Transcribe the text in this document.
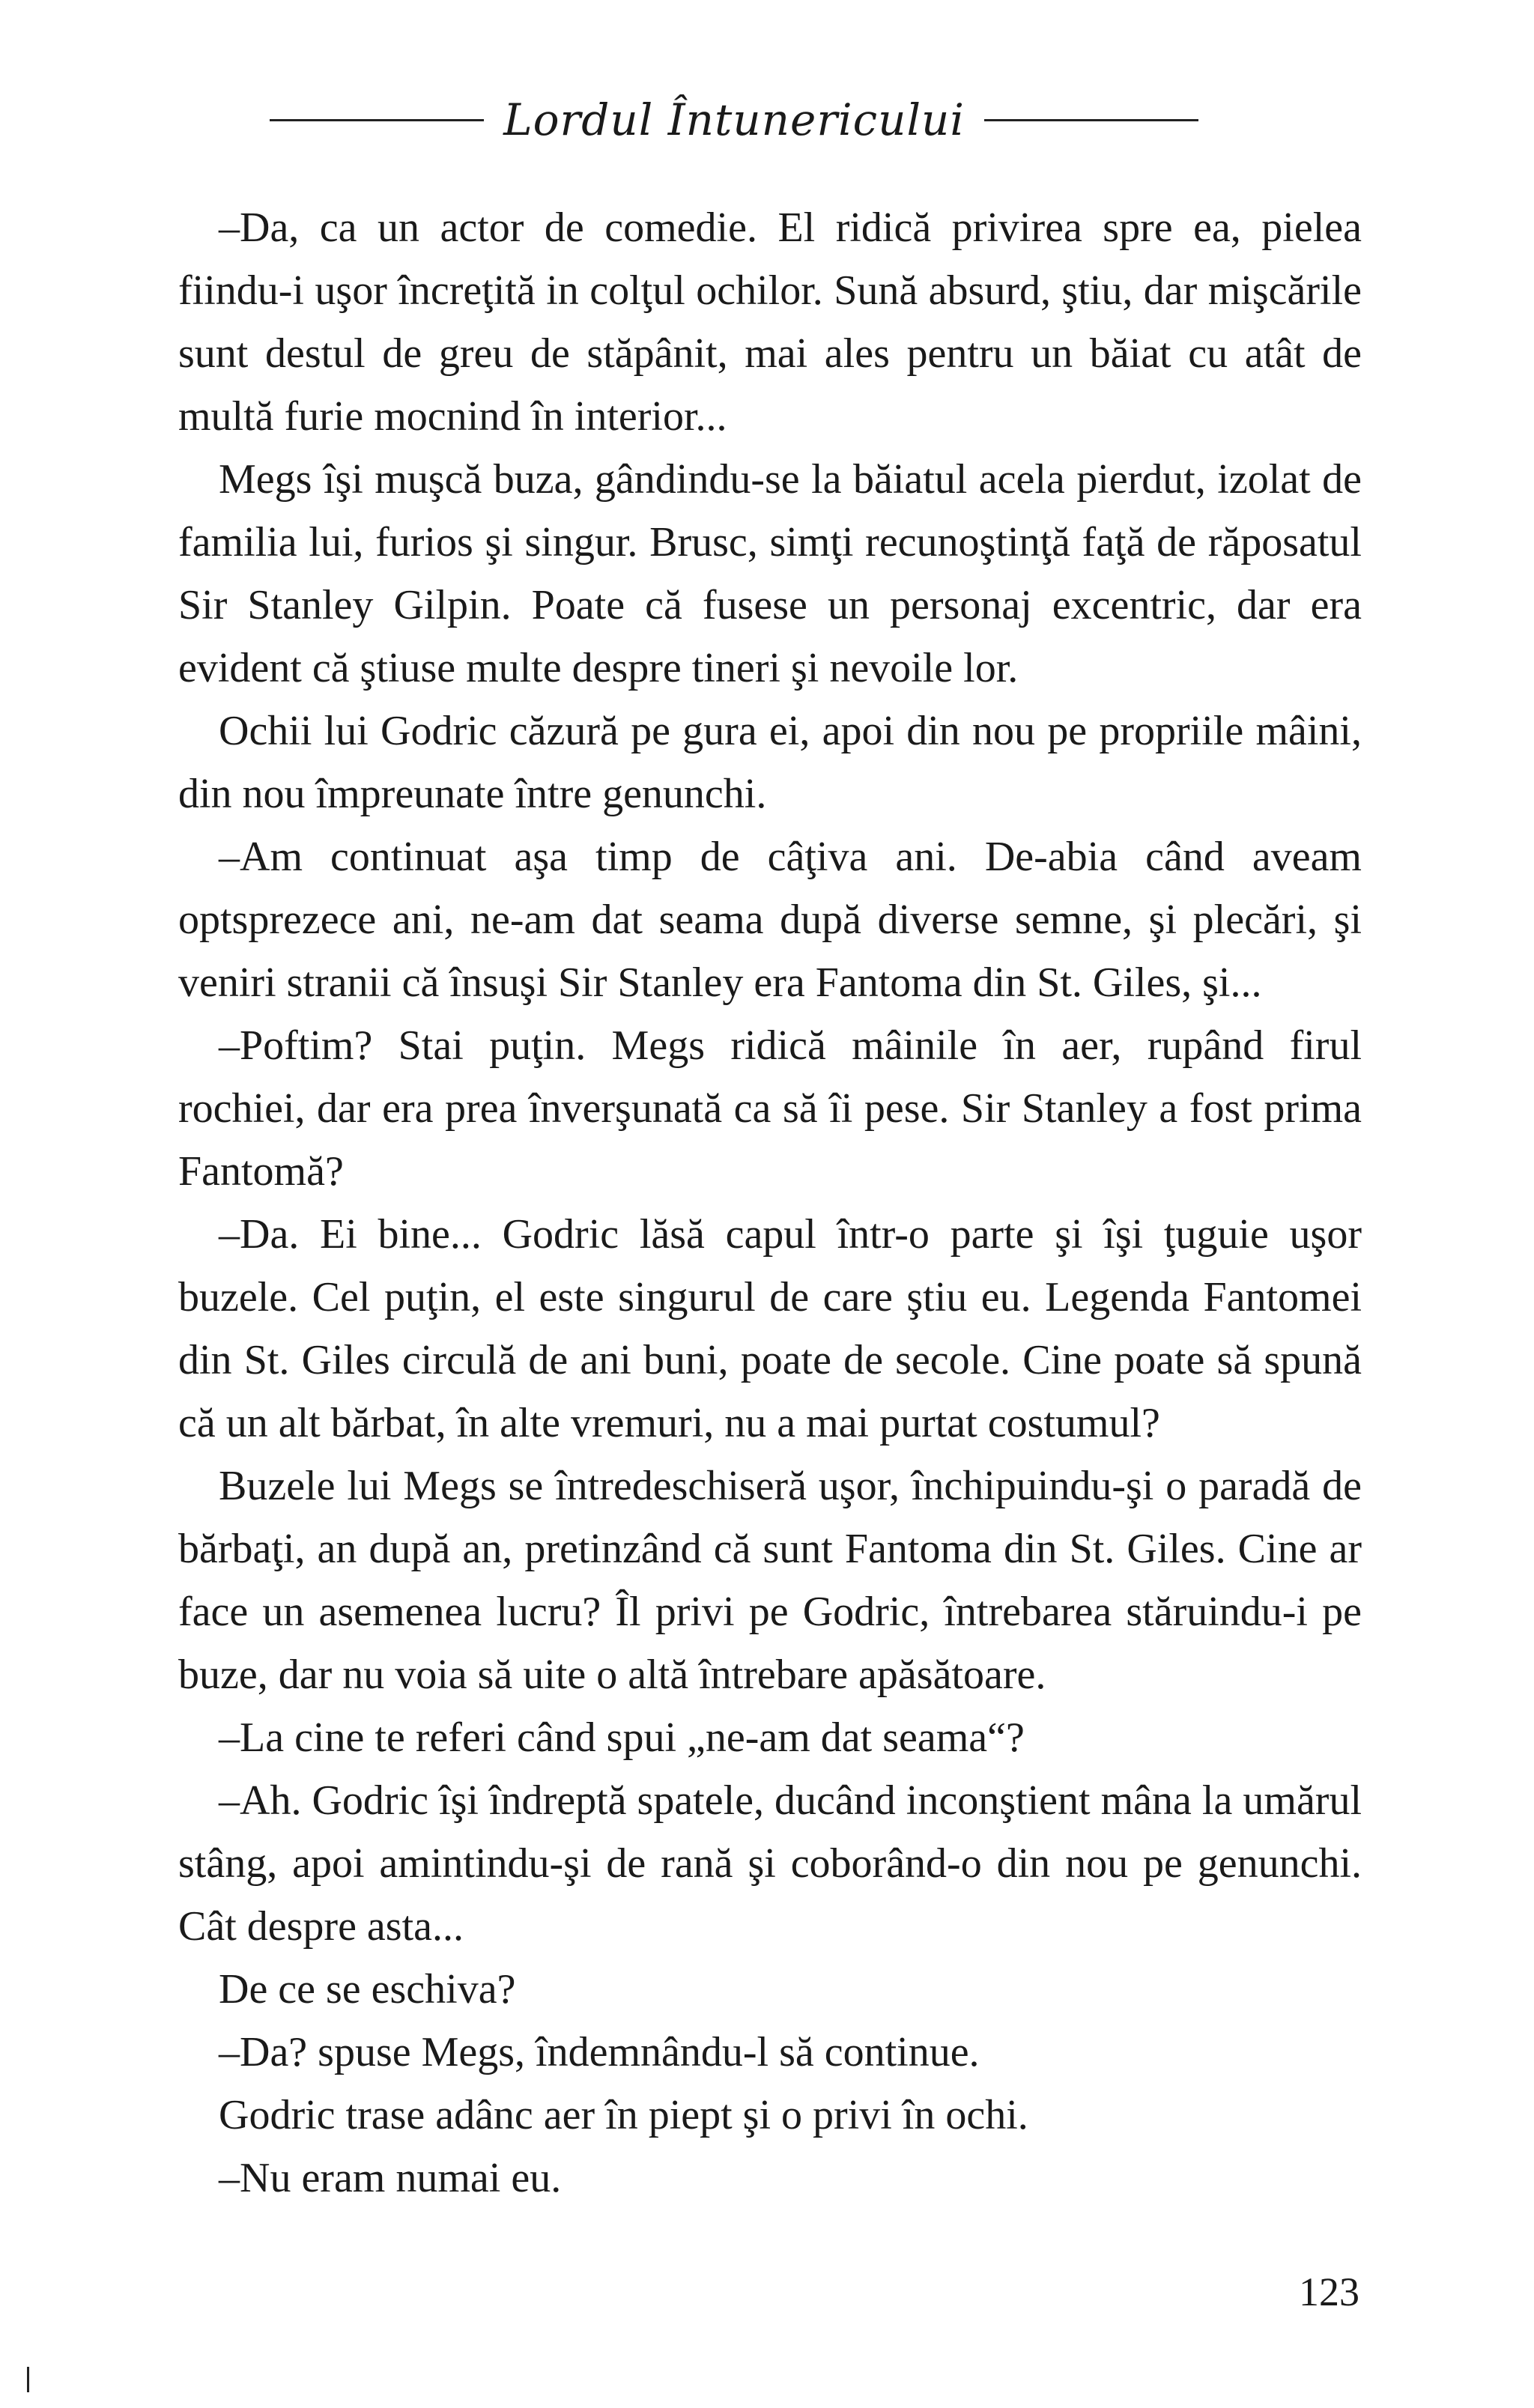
Lordul Întunericului

–Da, ca un actor de comedie. El ridică privirea spre ea, pielea fiindu-i uşor încreţită in colţul ochilor. Sună absurd, ştiu, dar mişcările sunt destul de greu de stăpânit, mai ales pentru un băiat cu atât de multă furie mocnind în interior...

Megs îşi muşcă buza, gândindu-se la băiatul acela pierdut, izolat de familia lui, furios şi singur. Brusc, simţi recunoştinţă faţă de răposatul Sir Stanley Gilpin. Poate că fusese un personaj excentric, dar era evident că ştiuse multe despre tineri şi nevoile lor.

Ochii lui Godric căzură pe gura ei, apoi din nou pe propriile mâini, din nou împreunate între genunchi.

–Am continuat aşa timp de câţiva ani. De-abia când aveam optsprezece ani, ne-am dat seama după diverse semne, şi plecări, şi veniri stranii că însuşi Sir Stanley era Fantoma din St. Giles, şi...

–Poftim? Stai puţin. Megs ridică mâinile în aer, rupând firul rochiei, dar era prea înverşunată ca să îi pese. Sir Stanley a fost prima Fantomă?

–Da. Ei bine... Godric lăsă capul într-o parte şi îşi ţuguie uşor buzele. Cel puţin, el este singurul de care ştiu eu. Legenda Fantomei din St. Giles circulă de ani buni, poate de secole. Cine poate să spună că un alt bărbat, în alte vremuri, nu a mai purtat costumul?

Buzele lui Megs se întredeschiseră uşor, închipuindu-şi o paradă de bărbaţi, an după an, pretinzând că sunt Fantoma din St. Giles. Cine ar face un asemenea lucru? Îl privi pe Godric, întrebarea stăruindu-i pe buze, dar nu voia să uite o altă întrebare apăsătoare.

–La cine te referi când spui „ne-am dat seama“?

–Ah. Godric îşi îndreptă spatele, ducând inconştient mâna la umărul stâng, apoi amintindu-şi de rană şi coborând-o din nou pe genunchi. Cât despre asta...

De ce se eschiva?

–Da? spuse Megs, îndemnându-l să continue.

Godric trase adânc aer în piept şi o privi în ochi.

–Nu eram numai eu.

123
